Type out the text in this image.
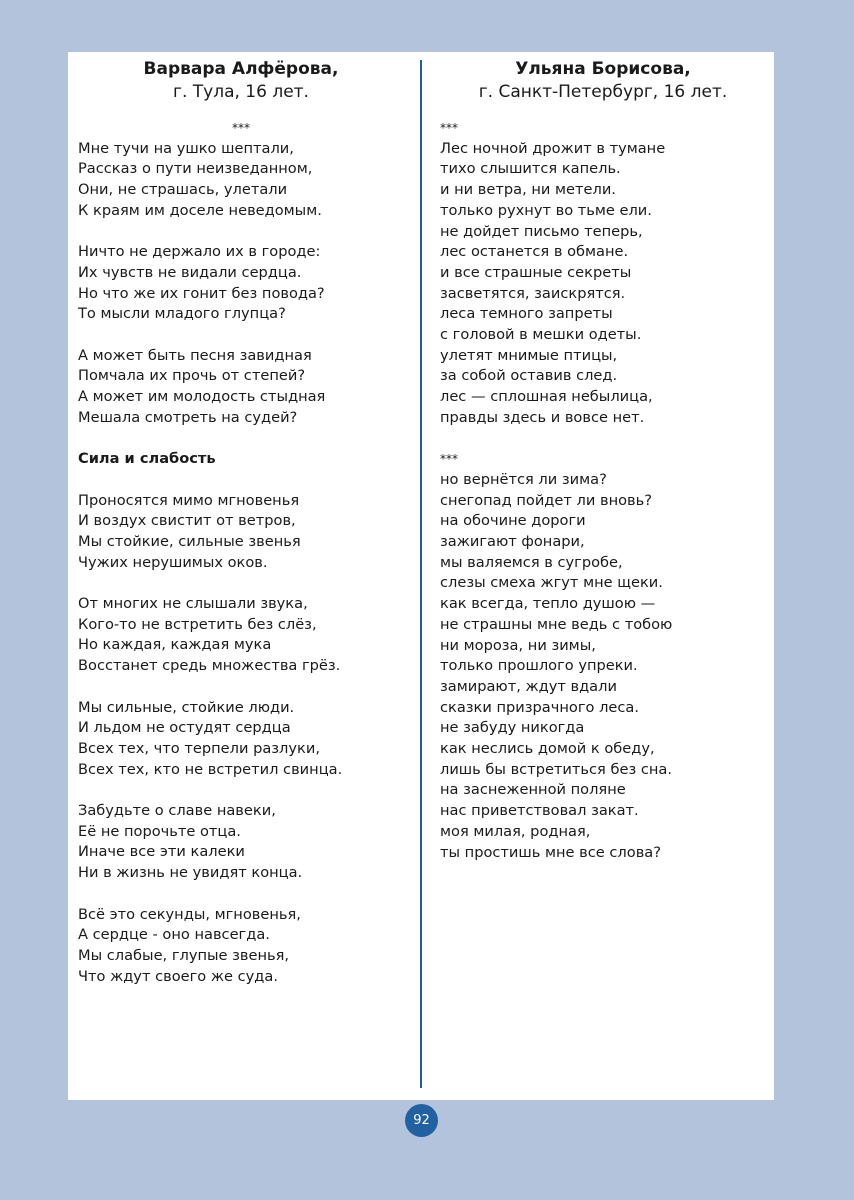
Варвара Алфёрова,
г. Тула, 16 лет.
***
Мне тучи на ушко шептали,
Рассказ о пути неизведанном,
Они, не страшась, улетали
К краям им доселе неведомым.
Ничто не держало их в городе:
Их чувств не видали сердца.
Но что же их гонит без повода?
То мысли младого глупца?
А может быть песня завидная
Помчала их прочь от степей?
А может им молодость стыдная
Мешала смотреть на судей?
Сила и слабость
Проносятся мимо мгновенья
И воздух свистит от ветров,
Мы стойкие, сильные звенья
Чужих нерушимых оков.
От многих не слышали звука,
Кого-то не встретить без слёз,
Но каждая, каждая мука
Восстанет средь множества грёз.
Мы сильные, стойкие люди.
И льдом не остудят сердца
Всех тех, что терпели разлуки,
Всех тех, кто не встретил свинца.
Забудьте о славе навеки,
Её не порочьте отца.
Иначе все эти калеки
Ни в жизнь не увидят конца.
Всё это секунды, мгновенья,
А сердце - оно навсегда.
Мы слабые, глупые звенья,
Что ждут своего же суда.
Ульяна Борисова,
г. Санкт-Петербург, 16 лет.
***
Лес ночной дрожит в тумане
тихо слышится капель.
и ни ветра, ни метели.
только рухнут во тьме ели.
не дойдет письмо теперь,
лес останется в обмане.
и все страшные секреты
засветятся, заискрятся.
леса темного запреты
с головой в мешки одеты.
улетят мнимые птицы,
за собой оставив след.
лес — сплошная небылица,
правды здесь и вовсе нет.
***
но вернётся ли зима?
снегопад пойдет ли вновь?
на обочине дороги
зажигают фонари,
мы валяемся в сугробе,
слезы смеха жгут мне щеки.
как всегда, тепло душою —
не страшны мне ведь с тобою
ни мороза, ни зимы,
только прошлого упреки.
замирают, ждут вдали
сказки призрачного леса.
не забуду никогда
как неслись домой к обеду,
лишь бы встретиться без сна.
на заснеженной поляне
нас приветствовал закат.
моя милая, родная,
ты простишь мне все слова?
92
